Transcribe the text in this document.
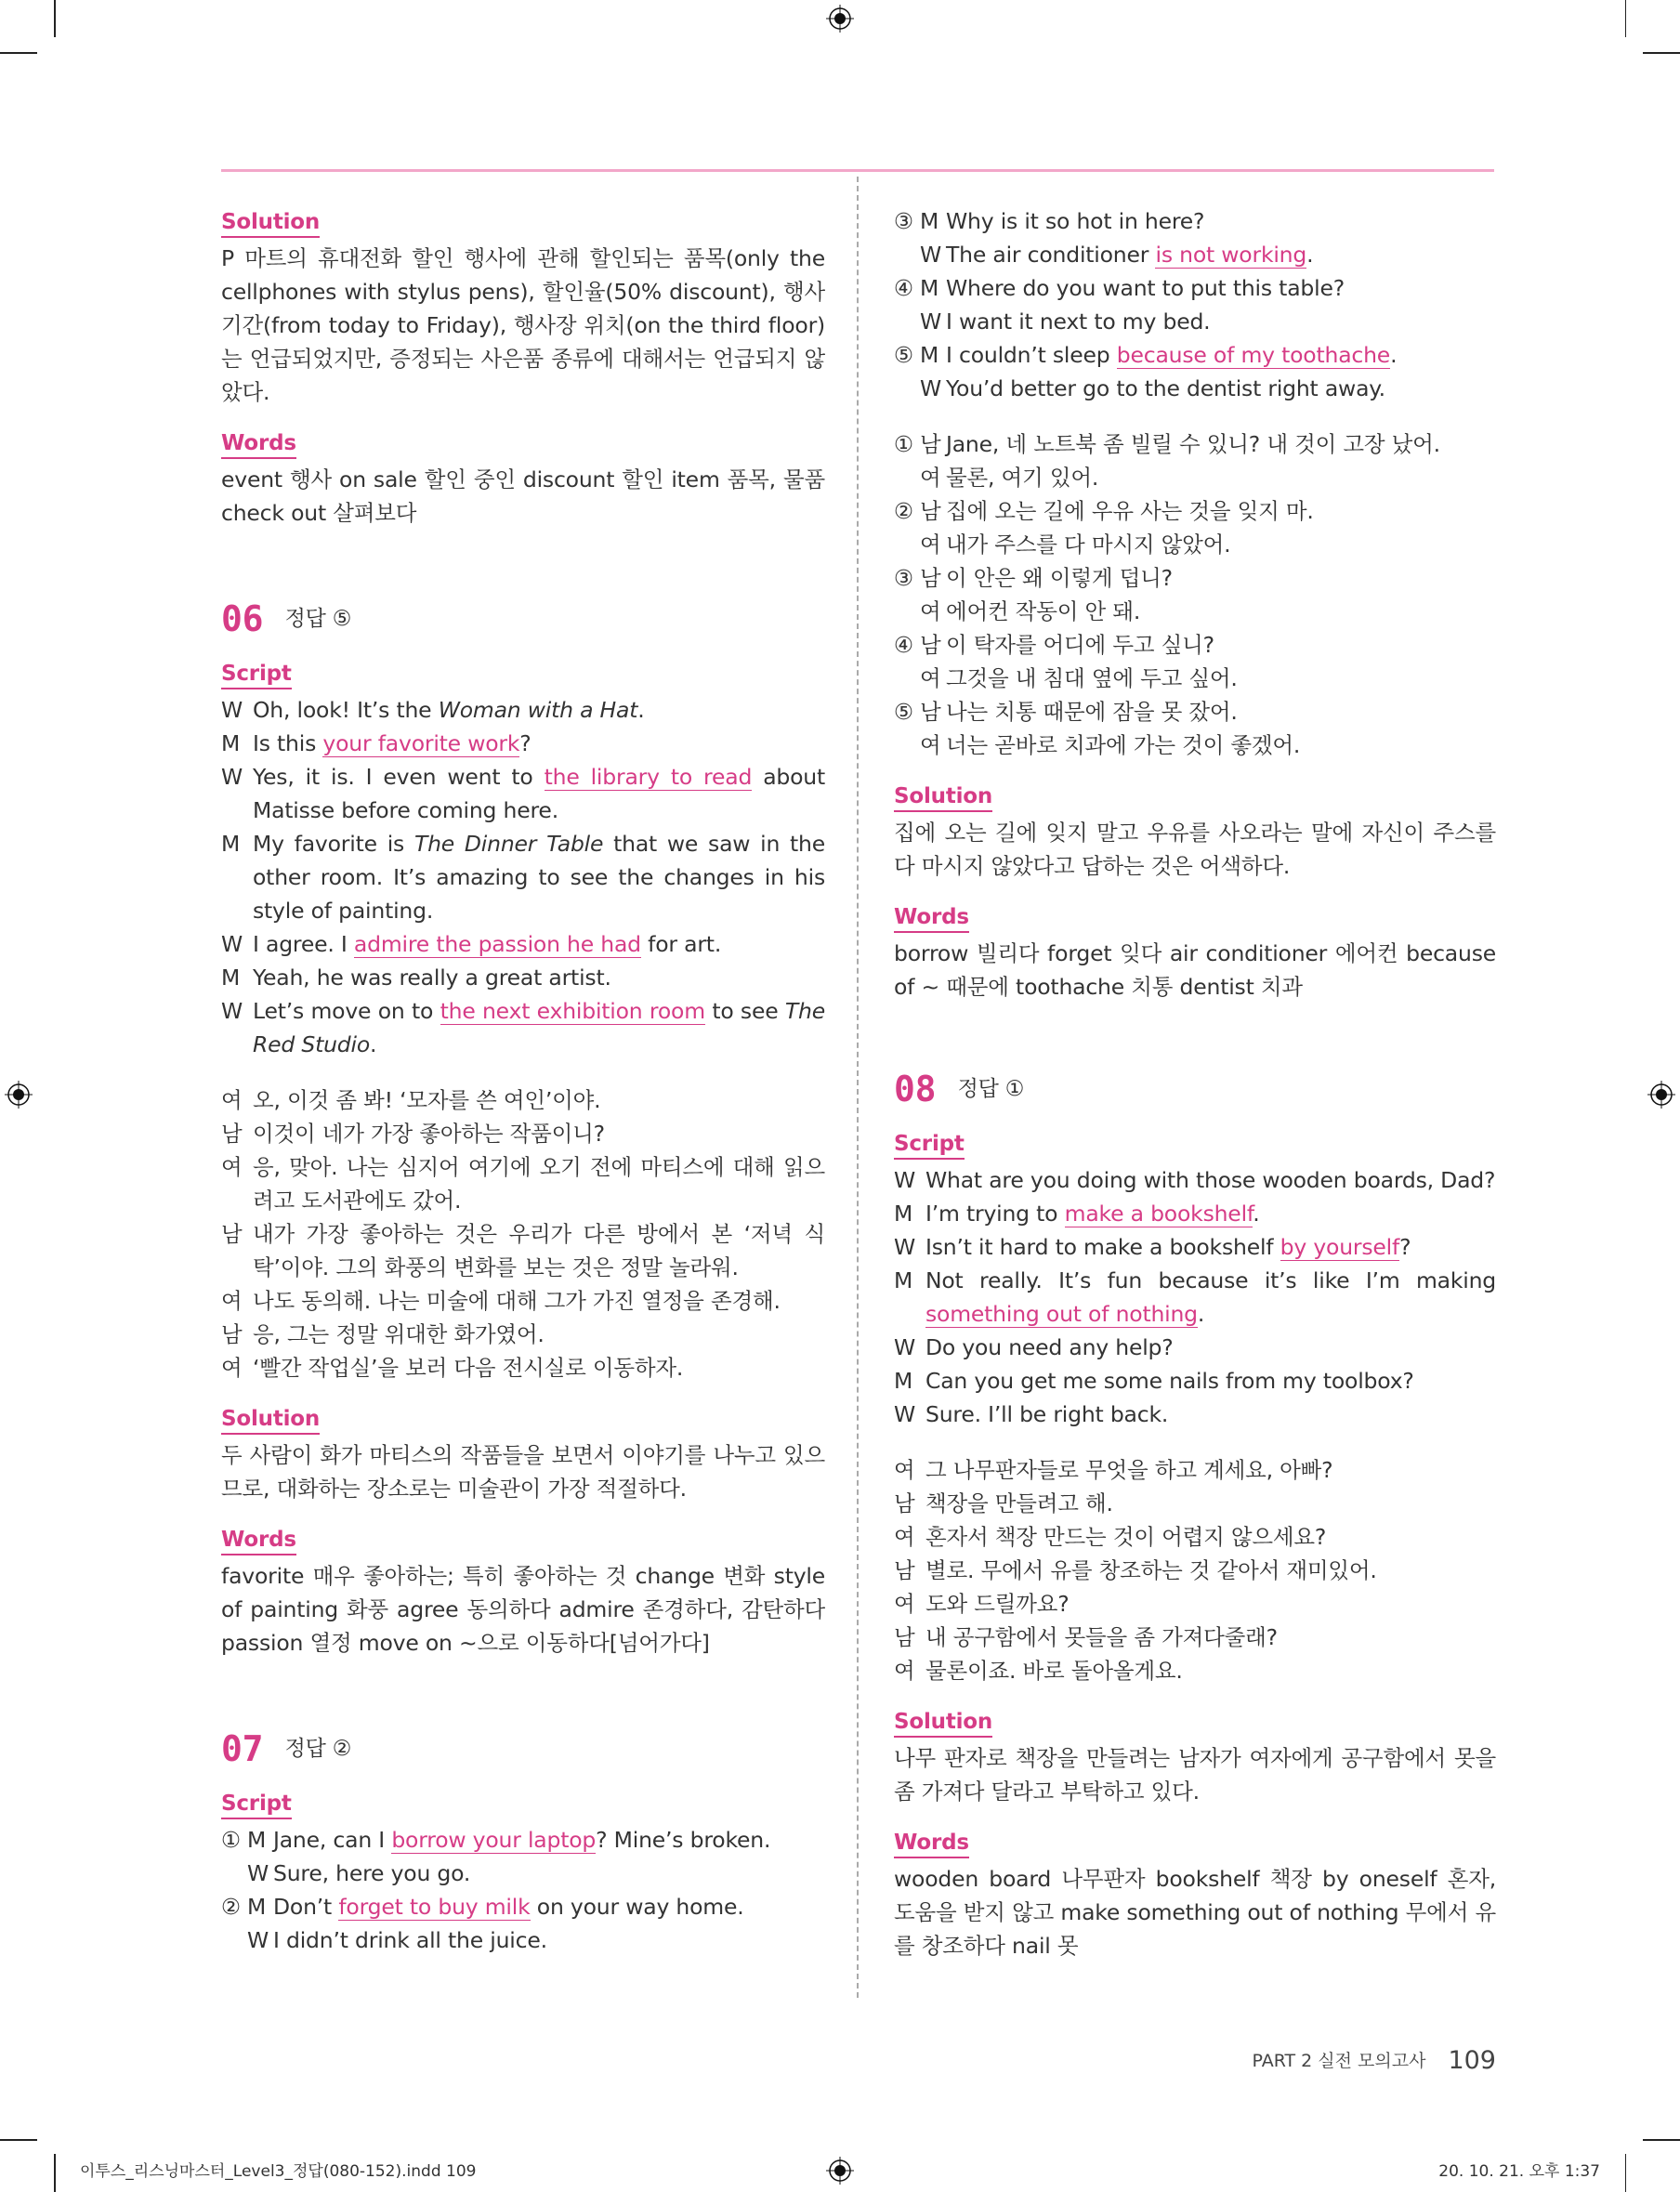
Solution
P 마트의 휴대전화 할인 행사에 관해 할인되는 품목(only the cellphones with stylus pens), 할인율(50% discount), 행사 기간(from today to Friday), 행사장 위치(on the third floor)는 언급되었지만, 증정되는 사은품 종류에 대해서는 언급되지 않았다.
Words
event 행사 on sale 할인 중인 discount 할인 item 품목, 물품 check out 살펴보다
06 정답 ⑤
Script
W Oh, look! It’s the Woman with a Hat.
M Is this your favorite work?
W Yes, it is. I even went to the library to read about Matisse before coming here.
M My favorite is The Dinner Table that we saw in the other room. It’s amazing to see the changes in his style of painting.
W I agree. I admire the passion he had for art.
M Yeah, he was really a great artist.
W Let’s move on to the next exhibition room to see The Red Studio.
여 오, 이것 좀 봐! ‘모자를 쓴 여인’이야.
남 이것이 네가 가장 좋아하는 작품이니?
여 응, 맞아. 나는 심지어 여기에 오기 전에 마티스에 대해 읽으려고 도서관에도 갔어.
남 내가 가장 좋아하는 것은 우리가 다른 방에서 본 ‘저녁 식탁’이야. 그의 화풍의 변화를 보는 것은 정말 놀라워.
여 나도 동의해. 나는 미술에 대해 그가 가진 열정을 존경해.
남 응, 그는 정말 위대한 화가였어.
여 ‘빨간 작업실’을 보러 다음 전시실로 이동하자.
Solution
두 사람이 화가 마티스의 작품들을 보면서 이야기를 나누고 있으므로, 대화하는 장소로는 미술관이 가장 적절하다.
Words
favorite 매우 좋아하는; 특히 좋아하는 것 change 변화 style of painting 화풍 agree 동의하다 admire 존경하다, 감탄하다 passion 열정 move on ~으로 이동하다[넘어가다]
07 정답 ②
Script
① M Jane, can I borrow your laptop? Mine’s broken.
W Sure, here you go.
② M Don’t forget to buy milk on your way home.
W I didn’t drink all the juice.
③ M Why is it so hot in here?
W The air conditioner is not working.
④ M Where do you want to put this table?
W I want it next to my bed.
⑤ M I couldn’t sleep because of my toothache.
W You’d better go to the dentist right away.
① 남 Jane, 네 노트북 좀 빌릴 수 있니? 내 것이 고장 났어.
여 물론, 여기 있어.
② 남 집에 오는 길에 우유 사는 것을 잊지 마.
여 내가 주스를 다 마시지 않았어.
③ 남 이 안은 왜 이렇게 덥니?
여 에어컨 작동이 안 돼.
④ 남 이 탁자를 어디에 두고 싶니?
여 그것을 내 침대 옆에 두고 싶어.
⑤ 남 나는 치통 때문에 잠을 못 잤어.
여 너는 곧바로 치과에 가는 것이 좋겠어.
Solution
집에 오는 길에 잊지 말고 우유를 사오라는 말에 자신이 주스를 다 마시지 않았다고 답하는 것은 어색하다.
Words
borrow 빌리다 forget 잊다 air conditioner 에어컨 because of ~ 때문에 toothache 치통 dentist 치과
08 정답 ①
Script
W What are you doing with those wooden boards, Dad?
M I’m trying to make a bookshelf.
W Isn’t it hard to make a bookshelf by yourself?
M Not really. It’s fun because it’s like I’m making something out of nothing.
W Do you need any help?
M Can you get me some nails from my toolbox?
W Sure. I’ll be right back.
여 그 나무판자들로 무엇을 하고 계세요, 아빠?
남 책장을 만들려고 해.
여 혼자서 책장 만드는 것이 어렵지 않으세요?
남 별로. 무에서 유를 창조하는 것 같아서 재미있어.
여 도와 드릴까요?
남 내 공구함에서 못들을 좀 가져다줄래?
여 물론이죠. 바로 돌아올게요.
Solution
나무 판자로 책장을 만들려는 남자가 여자에게 공구함에서 못을 좀 가져다 달라고 부탁하고 있다.
Words
wooden board 나무판자 bookshelf 책장 by oneself 혼자, 도움을 받지 않고 make something out of nothing 무에서 유를 창조하다 nail 못
PART 2 실전 모의고사 109
이투스_리스닝마스터_Level3_정답(080-152).indd 109	20. 10. 21. 오후 1:37
